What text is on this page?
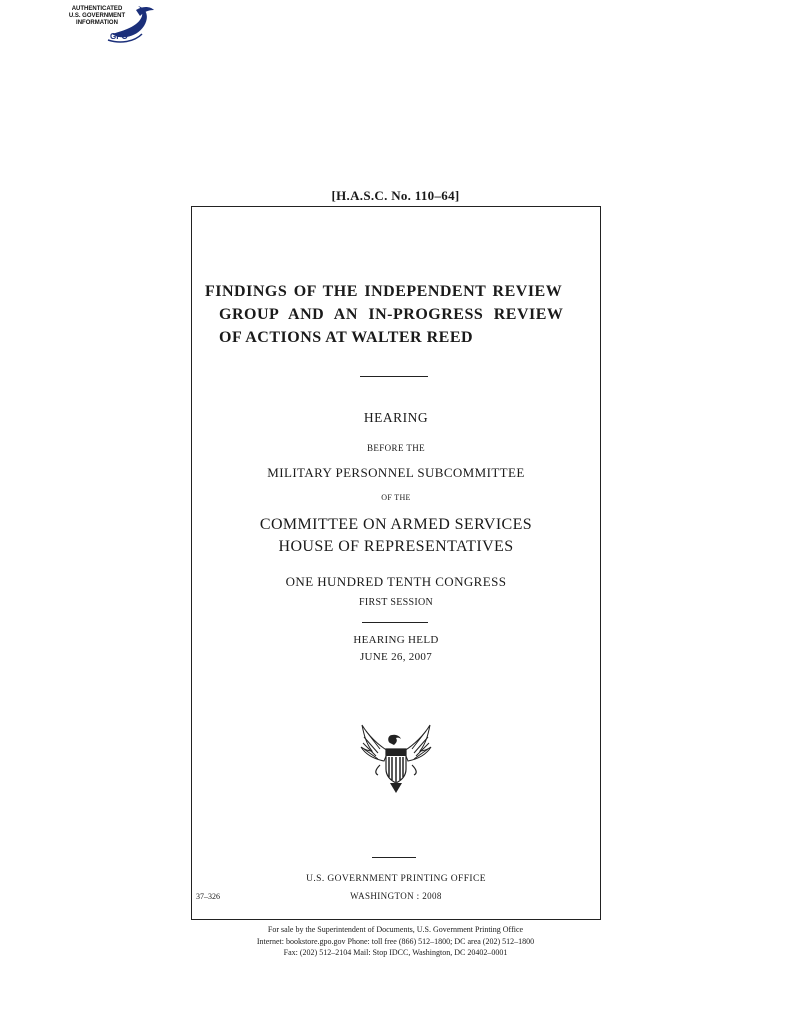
AUTHENTICATED
U.S. GOVERNMENT
INFORMATION
GPO
[H.A.S.C. No. 110–64]
FINDINGS OF THE INDEPENDENT REVIEW
GROUP AND AN IN-PROGRESS REVIEW
OF ACTIONS AT WALTER REED
HEARING
BEFORE THE
MILITARY PERSONNEL SUBCOMMITTEE
OF THE
COMMITTEE ON ARMED SERVICES
HOUSE OF REPRESENTATIVES
ONE HUNDRED TENTH CONGRESS
FIRST SESSION
HEARING HELD
JUNE 26, 2007
U.S. GOVERNMENT PRINTING OFFICE
WASHINGTON : 2008
37–326
For sale by the Superintendent of Documents, U.S. Government Printing Office
Internet: bookstore.gpo.gov Phone: toll free (866) 512–1800; DC area (202) 512–1800
Fax: (202) 512–2104 Mail: Stop IDCC, Washington, DC 20402–0001
